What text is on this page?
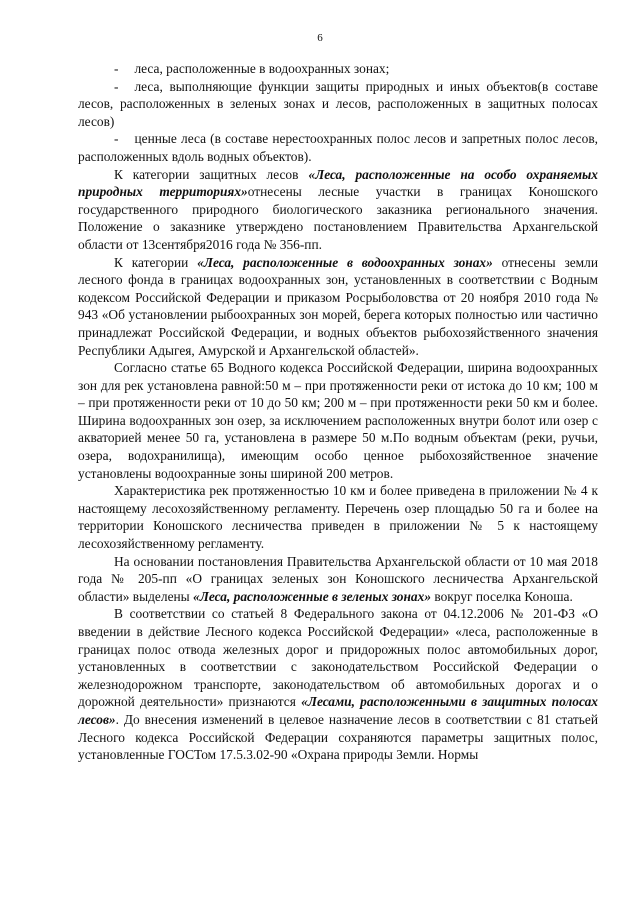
6
- леса, расположенные в водоохранных зонах;
- леса, выполняющие функции защиты природных и иных объектов(в составе лесов, расположенных в зеленых зонах и лесов, расположенных в защитных полосах лесов)
- ценные леса (в составе нерестоохранных полос лесов и запретных полос лесов, расположенных вдоль водных объектов).

К категории защитных лесов «Леса, расположенные на особо охраняемых природных территориях»отнесены лесные участки в границах Коношского государственного природного биологического заказника регионального значения. Положение о заказнике утверждено постановлением Правительства Архангельской области от 13сентября2016 года № 356-пп.

К категории «Леса, расположенные в водоохранных зонах» отнесены земли лесного фонда в границах водоохранных зон, установленных в соответствии с Водным кодексом Российской Федерации и приказом Росрыболовства от 20 ноября 2010 года № 943 «Об установлении рыбоохранных зон морей, берега которых полностью или частично принадлежат Российской Федерации, и водных объектов рыбохозяйственного значения Республики Адыгея, Амурской и Архангельской областей».

Согласно статье 65 Водного кодекса Российской Федерации, ширина водоохранных зон для рек установлена равной:50 м – при протяженности реки от истока до 10 км; 100 м – при протяженности реки от 10 до 50 км; 200 м – при протяженности реки 50 км и более. Ширина водоохранных зон озер, за исключением расположенных внутри болот или озер с акваторией менее 50 га, установлена в размере 50 м.По водным объектам (реки, ручьи, озера, водохранилища), имеющим особо ценное рыбохозяйственное значение установлены водоохранные зоны шириной 200 метров.

Характеристика рек протяженностью 10 км и более приведена в приложении № 4 к настоящему лесохозяйственному регламенту. Перечень озер площадью 50 га и более на территории Коношского лесничества приведен в приложении № 5 к настоящему лесохозяйственному регламенту.

На основании постановления Правительства Архангельской области от 10 мая 2018 года № 205-пп «О границах зеленых зон Коношского лесничества Архангельской области» выделены «Леса, расположенные в зеленых зонах» вокруг поселка Коноша.

В соответствии со статьей 8 Федерального закона от 04.12.2006 № 201-ФЗ «О введении в действие Лесного кодекса Российской Федерации» «леса, расположенные в границах полос отвода железных дорог и придорожных полос автомобильных дорог, установленных в соответствии с законодательством Российской Федерации о железнодорожном транспорте, законодательством об автомобильных дорогах и о дорожной деятельности» признаются «Лесами, расположенными в защитных полосах лесов». До внесения изменений в целевое назначение лесов в соответствии с 81 статьей Лесного кодекса Российской Федерации сохраняются параметры защитных полос, установленные ГОСТом 17.5.3.02-90 «Охрана природы Земли. Нормы
